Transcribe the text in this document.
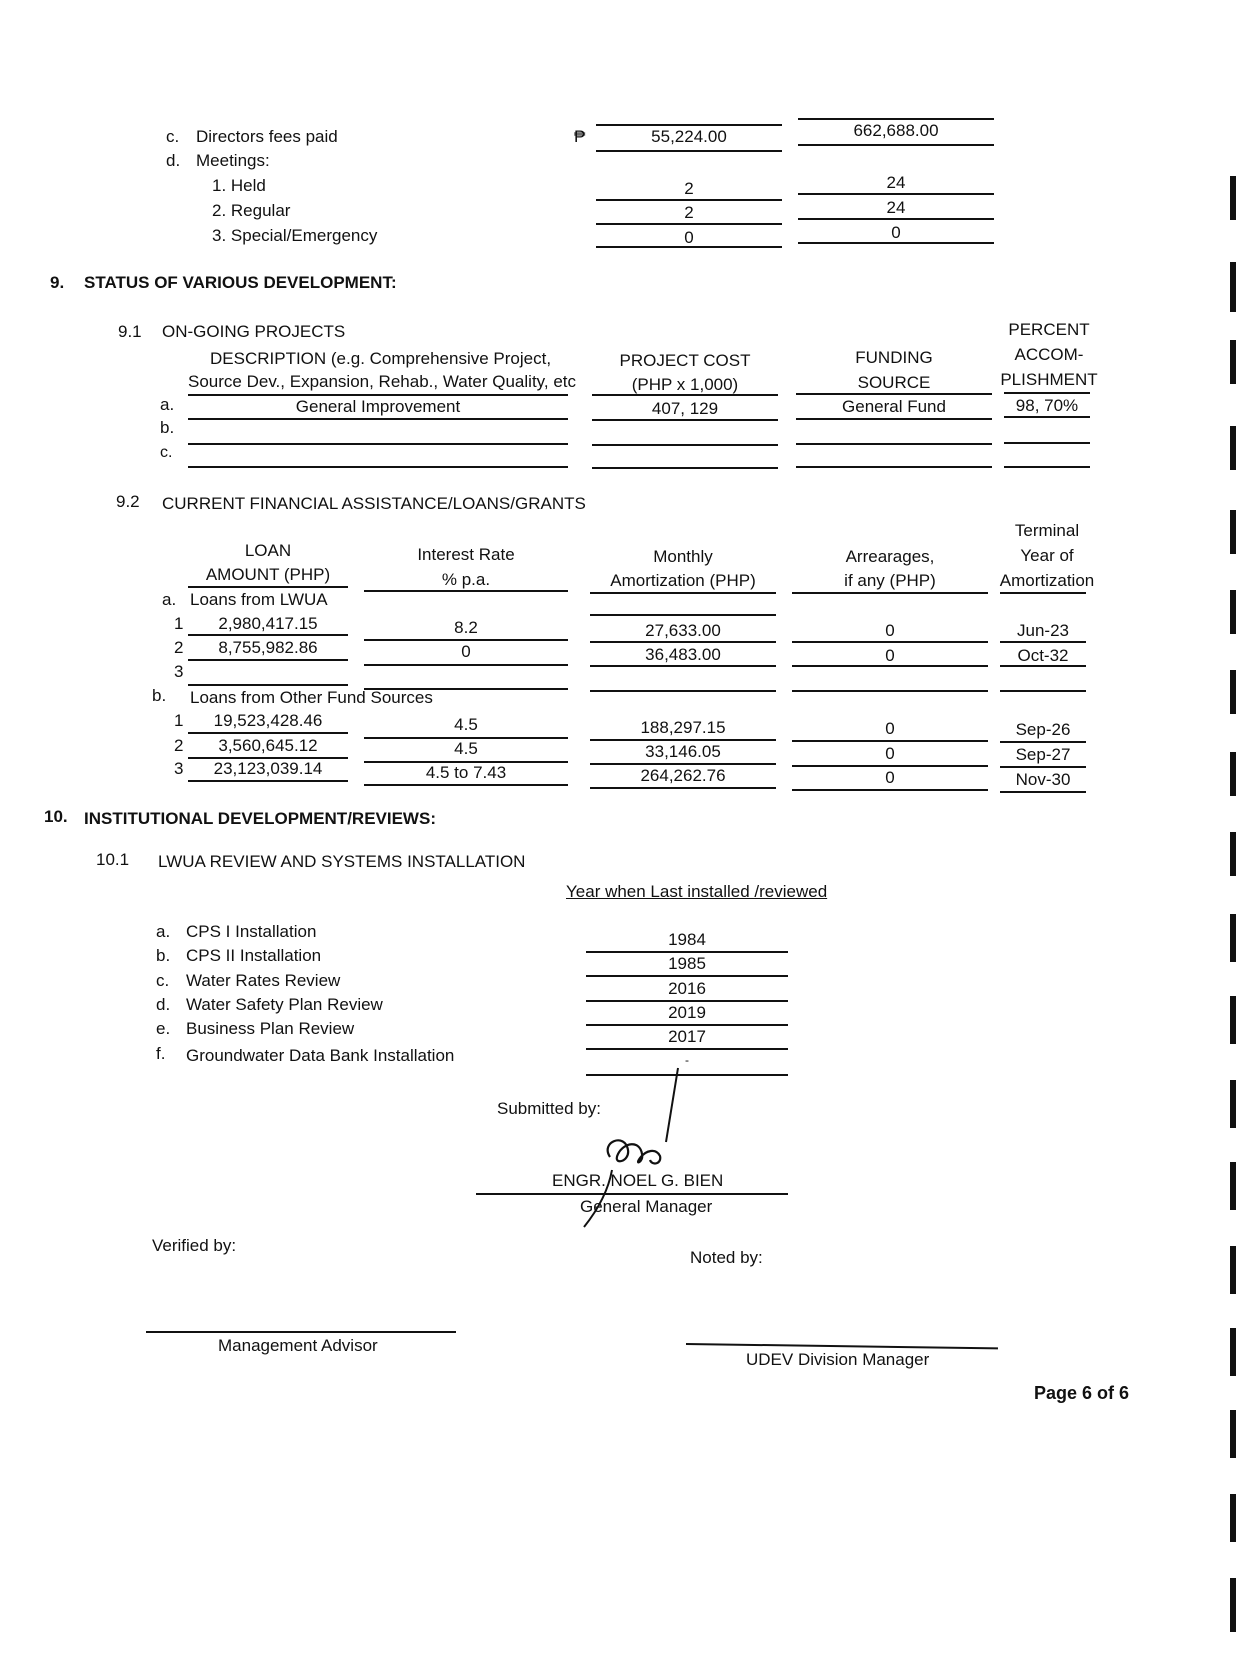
c. Directors fees paid	₱	55,224.00	662,688.00
d. Meetings:
1. Held	2	24
2. Regular	2	24
3. Special/Emergency	0	0
9. STATUS OF VARIOUS DEVELOPMENT:
9.1 ON-GOING PROJECTS
DESCRIPTION (e.g. Comprehensive Project,
Source Dev., Expansion, Rehab., Water Quality, etc
PROJECT COST
(PHP x 1,000)
FUNDING
SOURCE
PERCENT
ACCOM-
PLISHMENT
a.	General Improvement	407, 129	General Fund	98, 70%
b.
c.
9.2 CURRENT FINANCIAL ASSISTANCE/LOANS/GRANTS
LOAN
AMOUNT (PHP)
Interest Rate
% p.a.
Monthly
Amortization (PHP)
Arrearages,
if any (PHP)
Terminal
Year of
Amortization
a. Loans from LWUA
1	2,980,417.15	8.2	27,633.00	0	Jun-23
2	8,755,982.86	0	36,483.00	0	Oct-32
3
b. Loans from Other Fund Sources
1	19,523,428.46	4.5	188,297.15	0	Sep-26
2	3,560,645.12	4.5	33,146.05	0	Sep-27
3	23,123,039.14	4.5 to 7.43	264,262.76	0	Nov-30
10. INSTITUTIONAL DEVELOPMENT/REVIEWS:
10.1 LWUA REVIEW AND SYSTEMS INSTALLATION
Year when Last installed /reviewed
a. CPS I Installation	1984
b. CPS II Installation	1985
c. Water Rates Review	2016
d. Water Safety Plan Review	2019
e. Business Plan Review	2017
f. Groundwater Data Bank Installation	-
Submitted by:
ENGR. NOEL G. BIEN
General Manager
Verified by:
Noted by:
Management Advisor
UDEV Division Manager
Page 6 of 6
